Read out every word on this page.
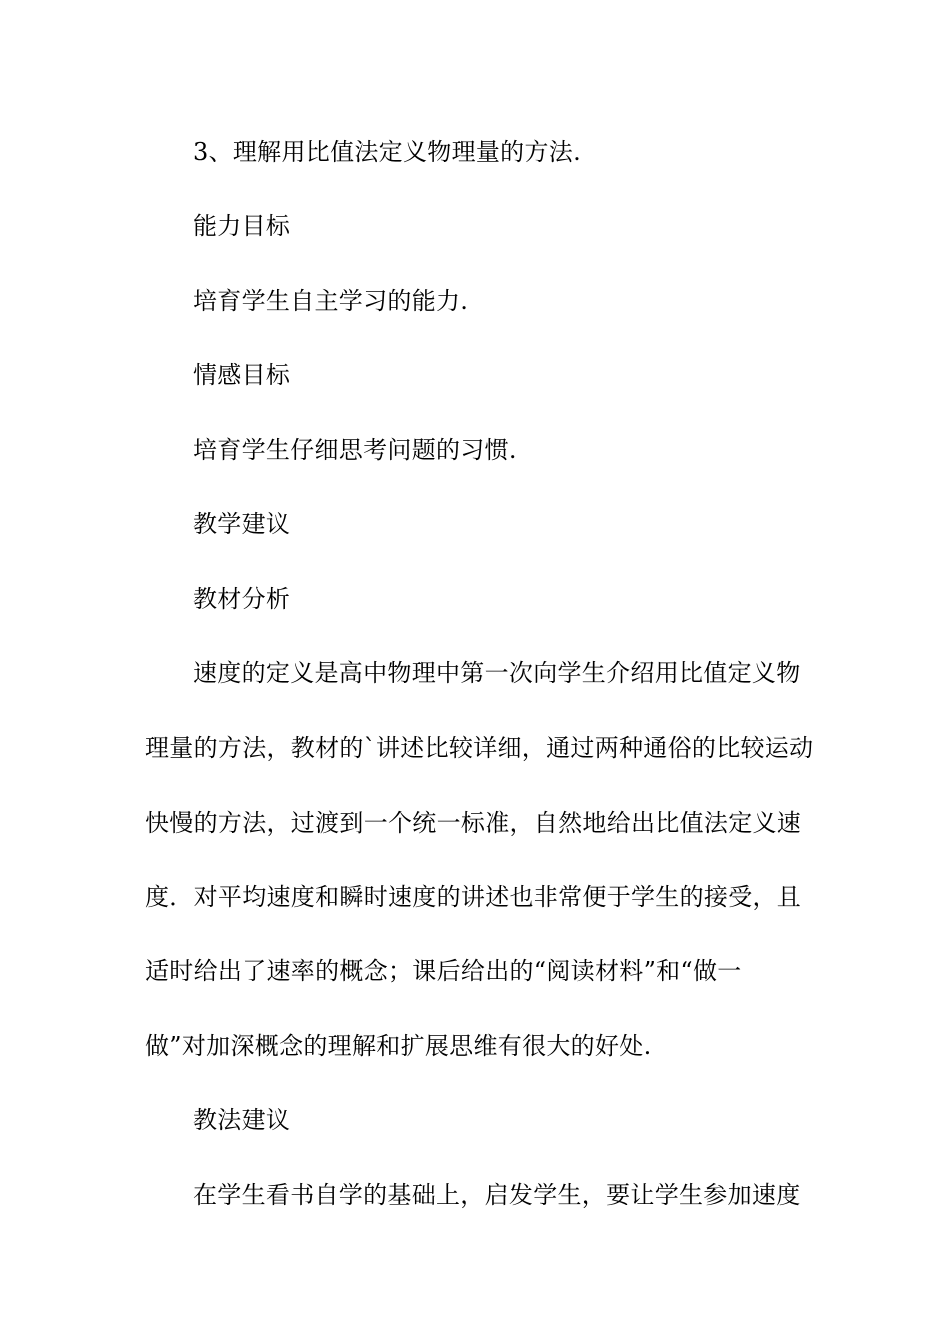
3、理解用比值法定义物理量的方法.
能力目标
培育学生自主学习的能力.
情感目标
培育学生仔细思考问题的习惯.
教学建议
教材分析
速度的定义是高中物理中第一次向学生介绍用比值定义物
理量的方法，教材的`讲述比较详细，通过两种通俗的比较运动
快慢的方法，过渡到一个统一标准，自然地给出比值法定义速
度．对平均速度和瞬时速度的讲述也非常便于学生的接受，且
适时给出了速率的概念；课后给出的“阅读材料”和“做一
做”对加深概念的理解和扩展思维有很大的好处.
教法建议
在学生看书自学的基础上，启发学生，要让学生参加速度
